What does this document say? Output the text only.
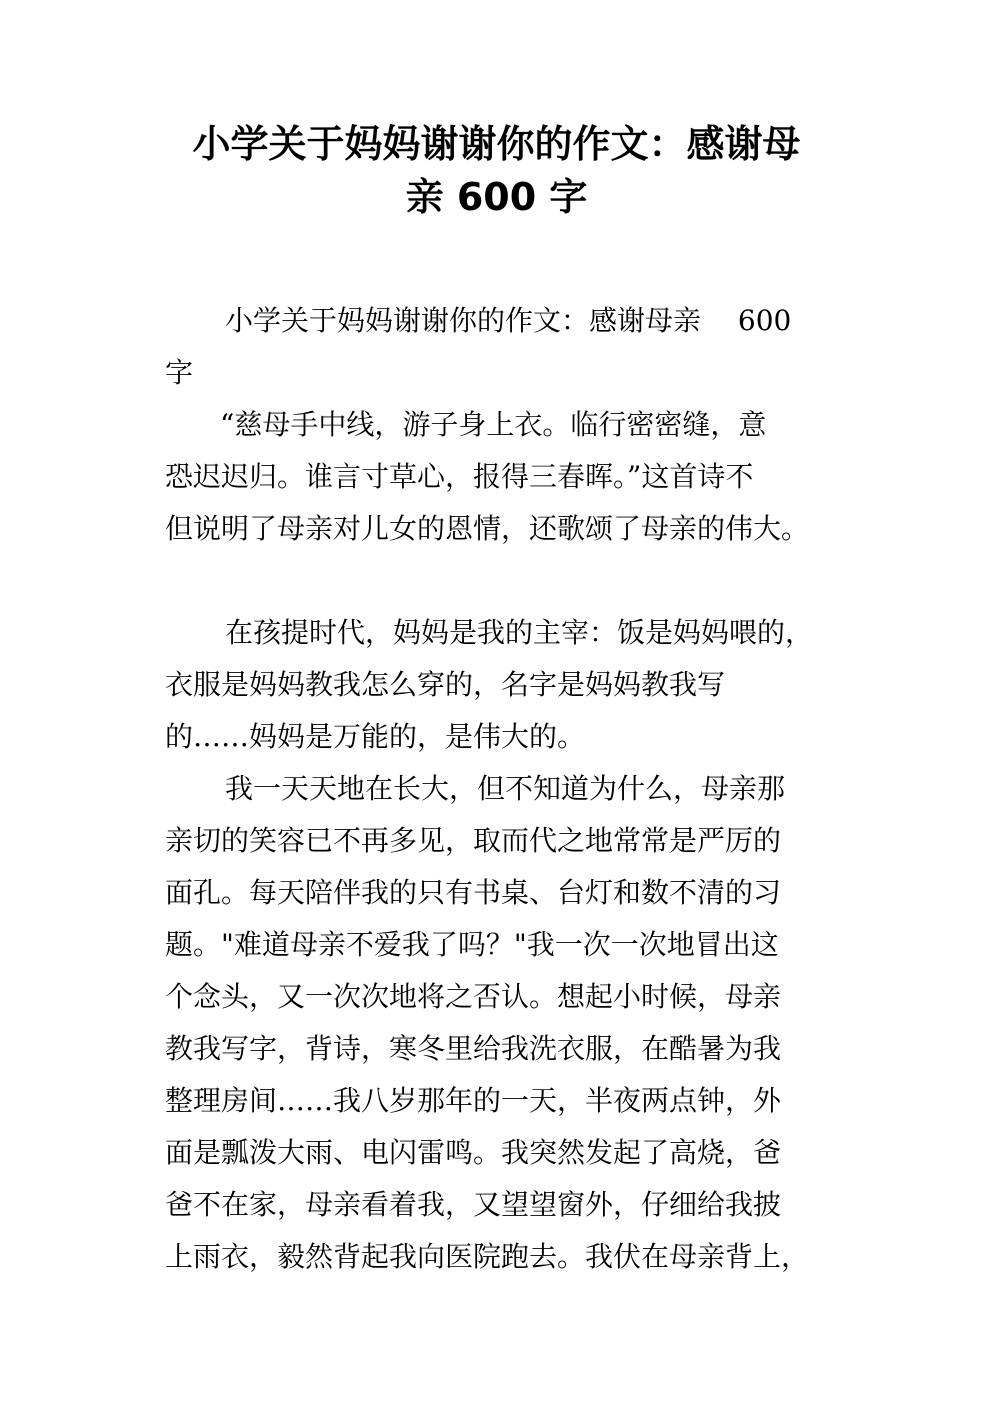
小学关于妈妈谢谢你的作文：感谢母
亲 600 字
小学关于妈妈谢谢你的作文：感谢母亲　 600
字
“慈母手中线，游子身上衣。临行密密缝，意
恐迟迟归。谁言寸草心，报得三春晖。”这首诗不
但说明了母亲对儿女的恩情，还歌颂了母亲的伟大。
在孩提时代，妈妈是我的主宰：饭是妈妈喂的，
衣服是妈妈教我怎么穿的，名字是妈妈教我写
的……妈妈是万能的，是伟大的。
我一天天地在长大，但不知道为什么，母亲那
亲切的笑容已不再多见，取而代之地常常是严厉的
面孔。每天陪伴我的只有书桌、台灯和数不清的习
题。"难道母亲不爱我了吗？"我一次一次地冒出这
个念头，又一次次地将之否认。想起小时候，母亲
教我写字，背诗，寒冬里给我洗衣服，在酷暑为我
整理房间……我八岁那年的一天，半夜两点钟，外
面是瓢泼大雨、电闪雷鸣。我突然发起了高烧，爸
爸不在家，母亲看着我，又望望窗外，仔细给我披
上雨衣，毅然背起我向医院跑去。我伏在母亲背上，
